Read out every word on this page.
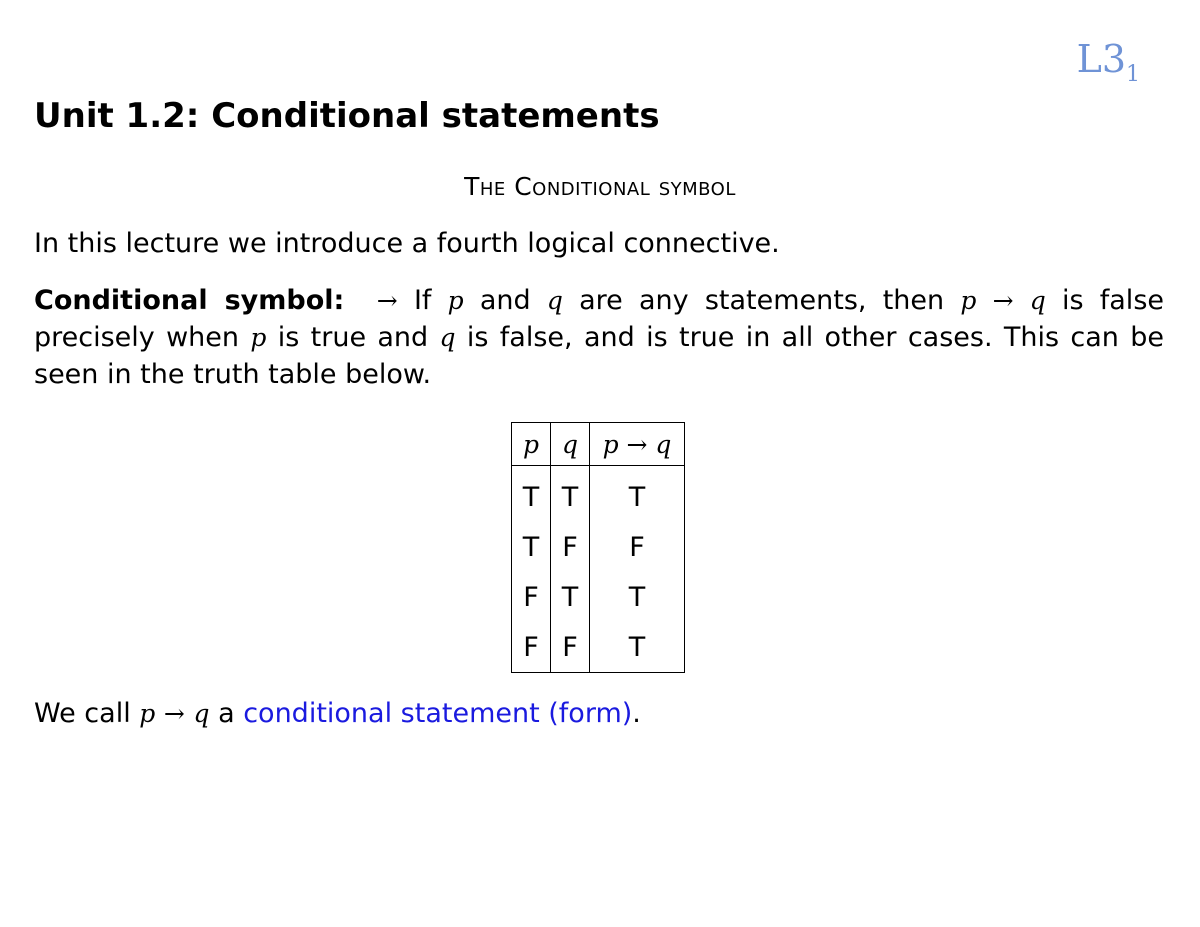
$L3_1$
Unit 1.2: Conditional statements
The Conditional symbol

In this lecture we introduce a fourth logical connective.

Conditional symbol: → If p and q are any statements, then p → q is false precisely when p is true and q is false, and is true in all other cases. This can be seen in the truth table below.

p	q	p → q
T	T	T
T	F	F
F	T	T
F	F	T

We call p → q a conditional statement (form).
